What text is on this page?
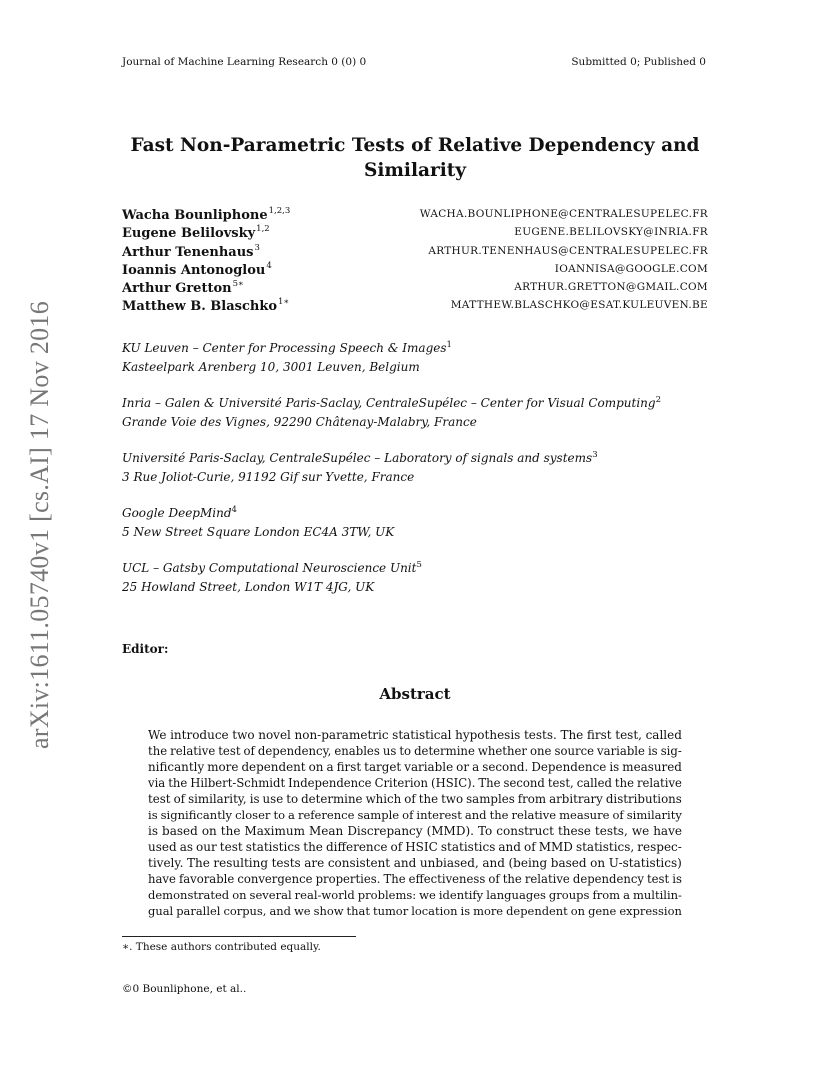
Journal of Machine Learning Research 0 (0) 0	Submitted 0; Published 0
arXiv:1611.05740v1 [cs.AI] 17 Nov 2016
Fast Non-Parametric Tests of Relative Dependency and
Similarity
Wacha Bounliphone$^{1,2,3}$	WACHA.BOUNLIPHONE@CENTRALESUPELEC.FR
Eugene Belilovsky$^{1,2}$	EUGENE.BELILOVSKY@INRIA.FR
Arthur Tenenhaus$^3$	ARTHUR.TENENHAUS@CENTRALESUPELEC.FR
Ioannis Antonoglou$^4$	IOANNISA@GOOGLE.COM
Arthur Gretton$^{5∗}$	ARTHUR.GRETTON@GMAIL.COM
Matthew B. Blaschko$^{1∗}$	MATTHEW.BLASCHKO@ESAT.KULEUVEN.BE
KU Leuven – Center for Processing Speech & Images$^1$
Kasteelpark Arenberg 10, 3001 Leuven, Belgium
Inria – Galen & Université Paris-Saclay, CentraleSupélec – Center for Visual Computing$^2$
Grande Voie des Vignes, 92290 Châtenay-Malabry, France
Université Paris-Saclay, CentraleSupélec – Laboratory of signals and systems$^3$
3 Rue Joliot-Curie, 91192 Gif sur Yvette, France
Google DeepMind$^4$
5 New Street Square London EC4A 3TW, UK
UCL – Gatsby Computational Neuroscience Unit$^5$
25 Howland Street, London W1T 4JG, UK
Editor:
Abstract
We introduce two novel non-parametric statistical hypothesis tests. The first test, called
the relative test of dependency, enables us to determine whether one source variable is sig-
nificantly more dependent on a first target variable or a second. Dependence is measured
via the Hilbert-Schmidt Independence Criterion (HSIC). The second test, called the relative
test of similarity, is use to determine which of the two samples from arbitrary distributions
is significantly closer to a reference sample of interest and the relative measure of similarity
is based on the Maximum Mean Discrepancy (MMD). To construct these tests, we have
used as our test statistics the difference of HSIC statistics and of MMD statistics, respec-
tively. The resulting tests are consistent and unbiased, and (being based on U-statistics)
have favorable convergence properties. The effectiveness of the relative dependency test is
demonstrated on several real-world problems: we identify languages groups from a multilin-
gual parallel corpus, and we show that tumor location is more dependent on gene expression
∗. These authors contributed equally.
©0 Bounliphone, et al..
